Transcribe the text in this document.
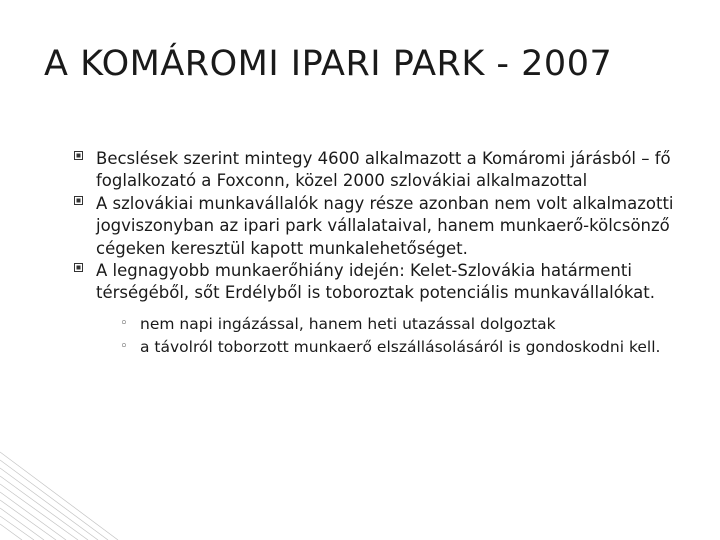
A KOMÁROMI IPARI PARK - 2007
Becslések szerint mintegy 4600 alkalmazott a Komáromi járásból – fő foglalkozató a Foxconn, közel 2000 szlovákiai alkalmazottal
A szlovákiai munkavállalók nagy része azonban nem volt alkalmazotti jogviszonyban az ipari park vállalataival, hanem munkaerő-kölcsönző cégeken keresztül kapott munkalehetőséget.
A legnagyobb munkaerőhiány idején: Kelet-Szlovákia határmenti térségéből, sőt Erdélyből is toboroztak potenciális munkavállalókat.
◦ nem napi ingázással, hanem heti utazással dolgoztak
◦ a távolról toborzott munkaerő elszállásolásáról is gondoskodni kell.
